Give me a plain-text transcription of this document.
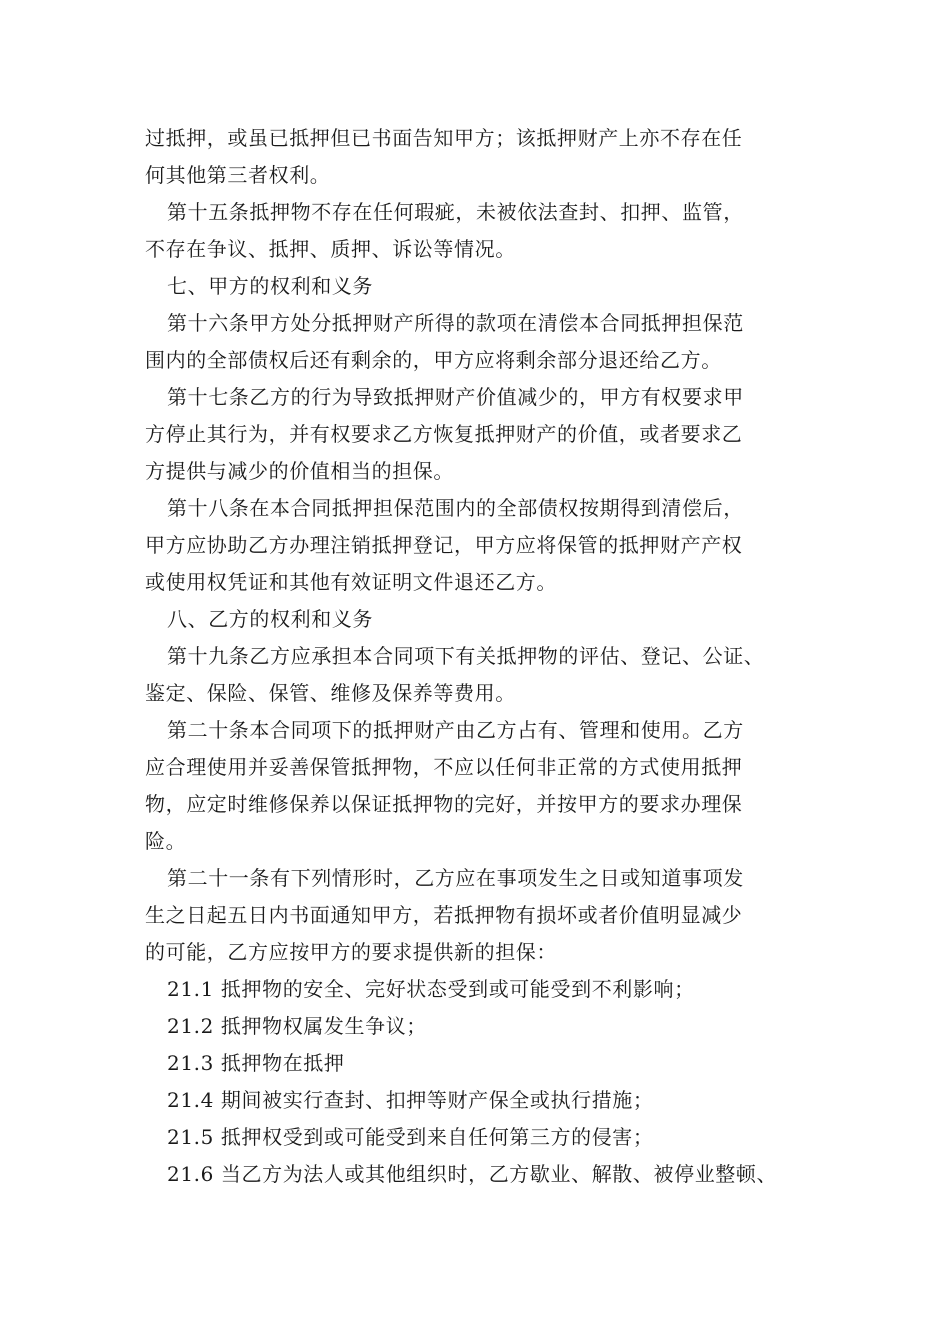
过抵押，或虽已抵押但已书面告知甲方；该抵押财产上亦不存在任
何其他第三者权利。
第十五条抵押物不存在任何瑕疵，未被依法查封、扣押、监管，
不存在争议、抵押、质押、诉讼等情况。
七、甲方的权利和义务
第十六条甲方处分抵押财产所得的款项在清偿本合同抵押担保范
围内的全部债权后还有剩余的，甲方应将剩余部分退还给乙方。
第十七条乙方的行为导致抵押财产价值减少的，甲方有权要求甲
方停止其行为，并有权要求乙方恢复抵押财产的价值，或者要求乙
方提供与减少的价值相当的担保。
第十八条在本合同抵押担保范围内的全部债权按期得到清偿后，
甲方应协助乙方办理注销抵押登记，甲方应将保管的抵押财产产权
或使用权凭证和其他有效证明文件退还乙方。
八、乙方的权利和义务
第十九条乙方应承担本合同项下有关抵押物的评估、登记、公证、
鉴定、保险、保管、维修及保养等费用。
第二十条本合同项下的抵押财产由乙方占有、管理和使用。乙方
应合理使用并妥善保管抵押物，不应以任何非正常的方式使用抵押
物，应定时维修保养以保证抵押物的完好，并按甲方的要求办理保
险。
第二十一条有下列情形时，乙方应在事项发生之日或知道事项发
生之日起五日内书面通知甲方，若抵押物有损坏或者价值明显减少
的可能，乙方应按甲方的要求提供新的担保：
21.1 抵押物的安全、完好状态受到或可能受到不利影响；
21.2 抵押物权属发生争议；
21.3 抵押物在抵押
21.4 期间被实行查封、扣押等财产保全或执行措施；
21.5 抵押权受到或可能受到来自任何第三方的侵害；
21.6 当乙方为法人或其他组织时，乙方歇业、解散、被停业整顿、
